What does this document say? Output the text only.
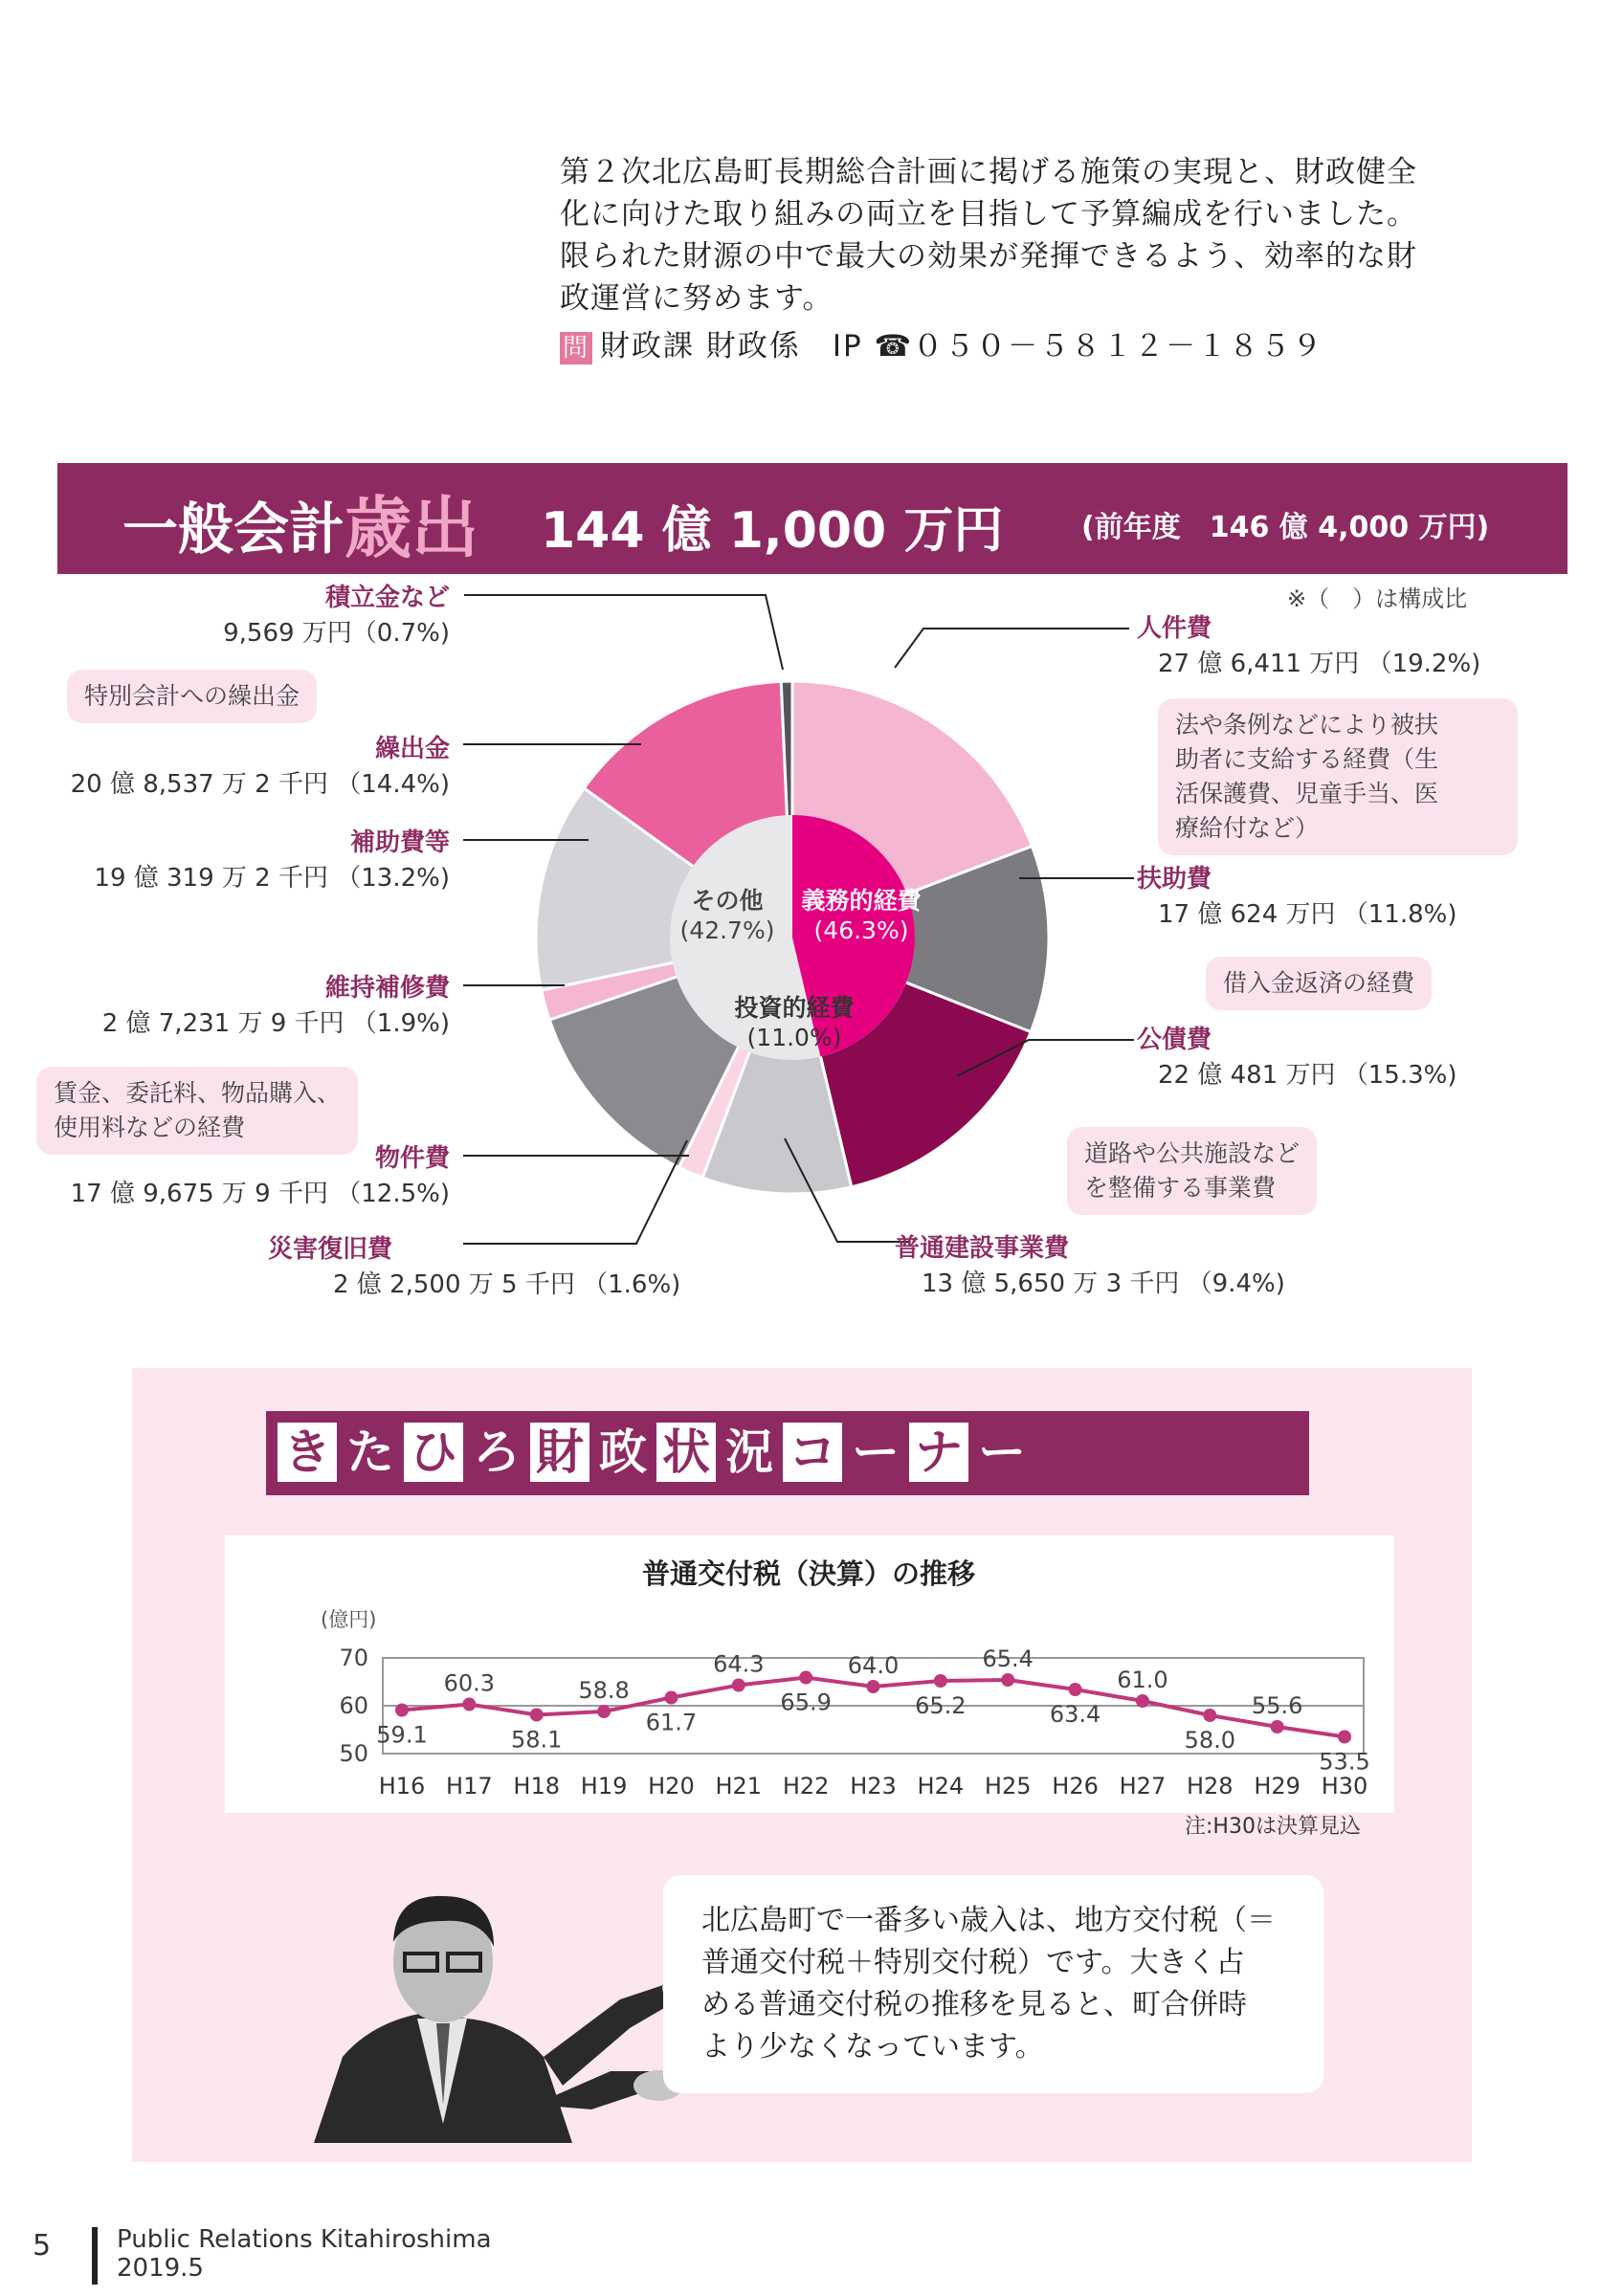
第２次北広島町長期総合計画に掲げる施策の実現と、財政健全

化に向けた取り組みの両立を目指して予算編成を行いました。

限られた財源の中で最大の効果が発揮できるよう、効率的な財

政運営に努めます。

問 財政課 財政係　IP ☎０５０－５８１２－１８５９
一般会計 歳出 144 億 1,000 万円	(前年度　146 億 4,000 万円)
※（　）は構成比
その他
(42.7%)
義務的経費
(46.3%)
投資的経費
(11.0%)
積立金など
9,569 万円（0.7%)
特別会計への繰出金
繰出金
20 億 8,537 万 2 千円 （14.4%)
補助費等
19 億 319 万 2 千円 （13.2%)
維持補修費
2 億 7,231 万 9 千円 （1.9%)
賃金、委託料、物品購入、
使用料などの経費
物件費
17 億 9,675 万 9 千円 （12.5%)
災害復旧費
2 億 2,500 万 5 千円 （1.6%)
人件費
27 億 6,411 万円 （19.2%)
法や条例などにより被扶
助者に支給する経費（生
活保護費、児童手当、医
療給付など）
扶助費
17 億 624 万円 （11.8%)
借入金返済の経費
公債費
22 億 481 万円 （15.3%)
道路や公共施設など
を整備する事業費
普通建設事業費
13 億 5,650 万 3 千円 （9.4%)
き た ひ ろ 財 政 状 況 コ ー ナ ー
普通交付税（決算）の推移
(億円)
70
60
50
59.1
H16
60.3
H17
58.1
H18
58.8
H19
61.7
H20
64.3
H21
65.9
H22
64.0
H23
65.2
H24
65.4
H25
63.4
H26
61.0
H27
58.0
H28
55.6
H29
53.5
H30
注:H30は決算見込
北広島町で一番多い歳入は、地方交付税（＝
普通交付税＋特別交付税）です。大きく占
める普通交付税の推移を見ると、町合併時
より少なくなっています。
5	Public Relations Kitahiroshima
2019.5
